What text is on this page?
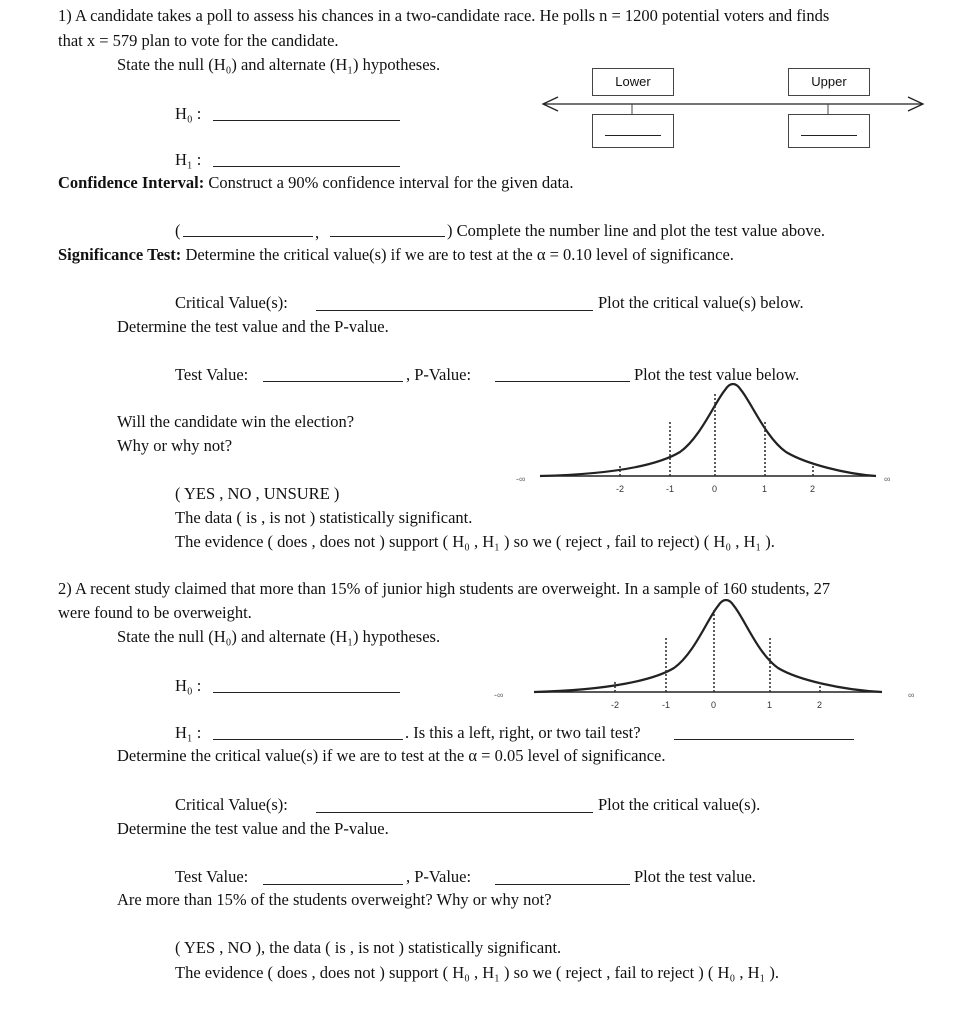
1) A candidate takes a poll to assess his chances in a two-candidate race. He polls n = 1200 potential voters and finds
that x = 579 plan to vote for the candidate.
State the null (H₀) and alternate (H₁) hypotheses.
Lower	Upper
H₀ :
H₁ :
Confidence Interval: Construct a 90% confidence interval for the given data.
(	,	) Complete the number line and plot the test value above.
Significance Test: Determine the critical value(s) if we are to test at the α = 0.10 level of significance.
Critical Value(s):	Plot the critical value(s) below.
Determine the test value and the P-value.
Test Value:	, P-Value:	Plot the test value below.
Will the candidate win the election?
Why or why not?
-∞	∞
-2	-1	0	1	2
( YES , NO , UNSURE )
The data ( is , is not ) statistically significant.
The evidence ( does , does not ) support ( H₀ , H₁ ) so we ( reject , fail to reject) ( H₀ , H₁ ).
2) A recent study claimed that more than 15% of junior high students are overweight. In a sample of 160 students, 27
were found to be overweight.
State the null (H₀) and alternate (H₁) hypotheses.
-∞	∞
-2	-1	0	1	2
H₀ :
H₁ :	. Is this a left, right, or two tail test?
Determine the critical value(s) if we are to test at the α = 0.05 level of significance.
Critical Value(s):	Plot the critical value(s).
Determine the test value and the P-value.
Test Value:	, P-Value:	Plot the test value.
Are more than 15% of the students overweight? Why or why not?
( YES , NO ), the data ( is , is not ) statistically significant.
The evidence ( does , does not ) support ( H₀ , H₁ ) so we ( reject , fail to reject ) ( H₀ , H₁ ).
